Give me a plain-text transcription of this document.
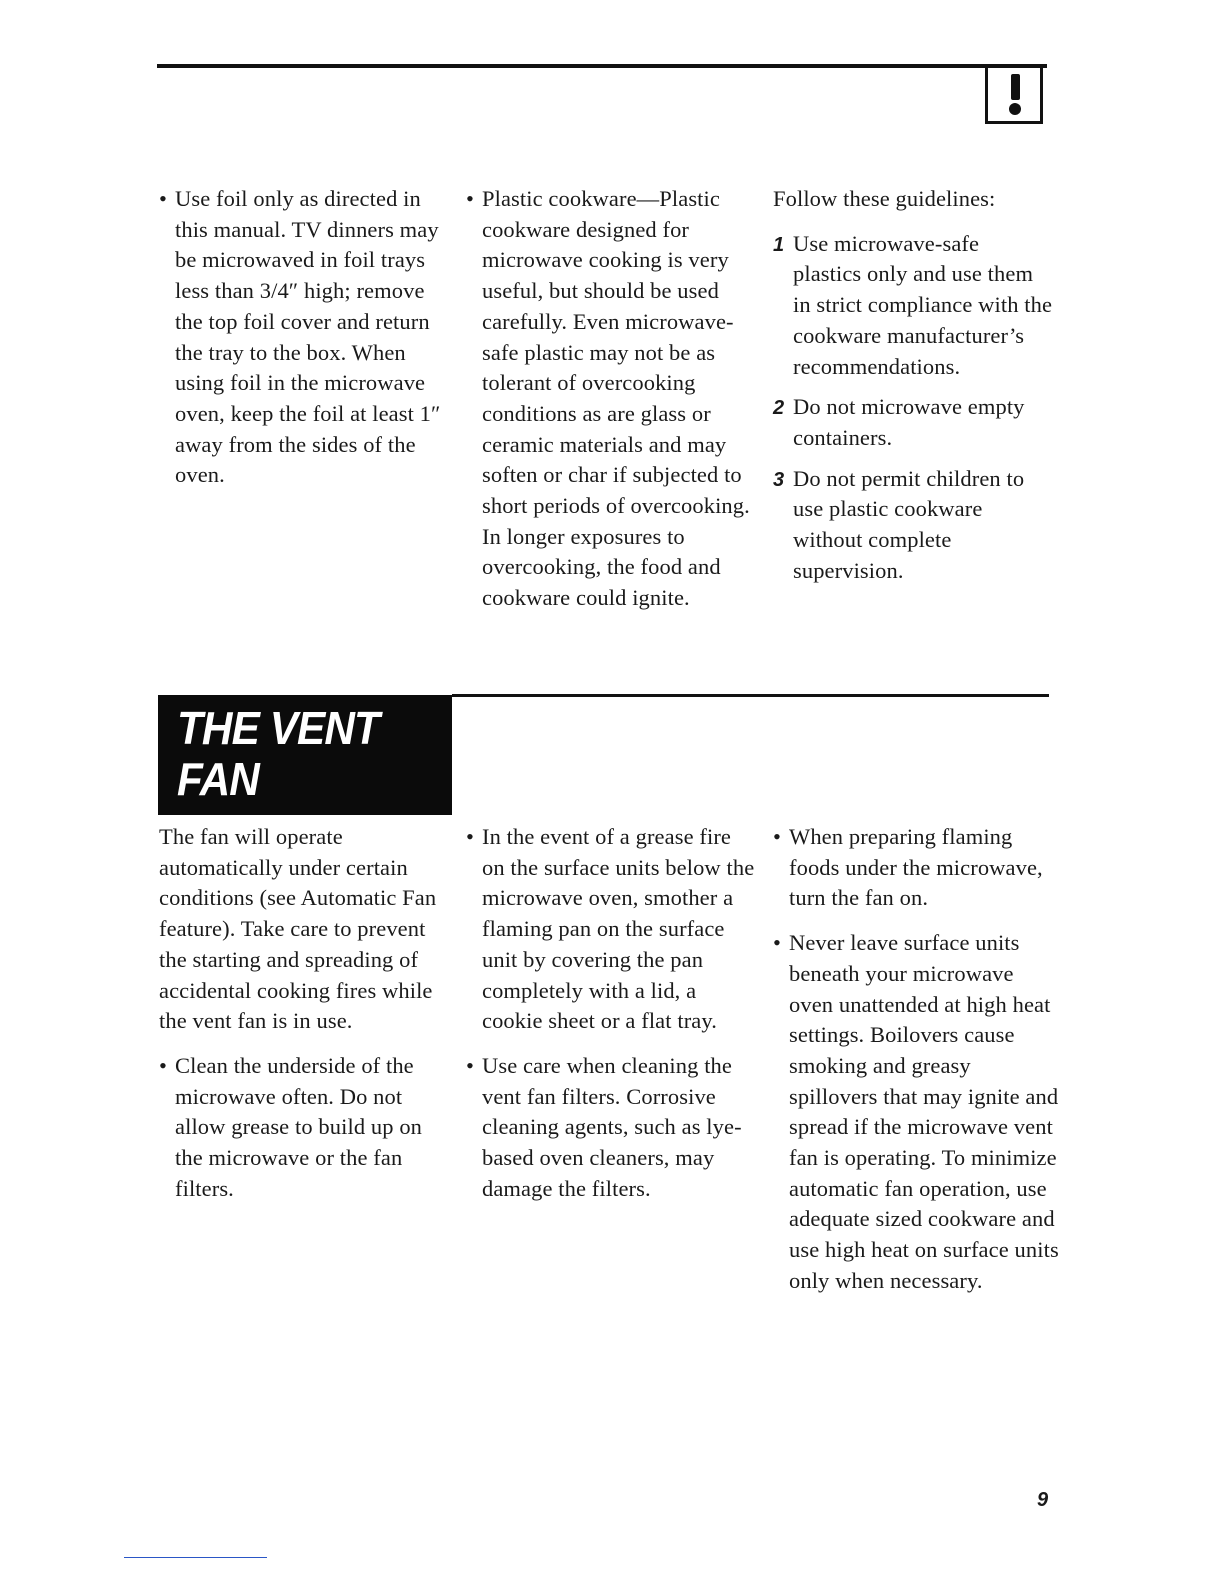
• Use foil only as directed in this manual. TV dinners may be microwaved in foil trays less than 3/4″ high; remove the top foil cover and return the tray to the box. When using foil in the microwave oven, keep the foil at least 1″ away from the sides of the oven.

• Plastic cookware—Plastic cookware designed for microwave cooking is very useful, but should be used carefully. Even microwave-safe plastic may not be as tolerant of overcooking conditions as are glass or ceramic materials and may soften or char if subjected to short periods of overcooking. In longer exposures to overcooking, the food and cookware could ignite.

Follow these guidelines:

1 Use microwave-safe plastics only and use them in strict compliance with the cookware manufacturer’s recommendations.
2 Do not microwave empty containers.
3 Do not permit children to use plastic cookware without complete supervision.
THE VENT
FAN

The fan will operate automatically under certain conditions (see Automatic Fan feature). Take care to prevent the starting and spreading of accidental cooking fires while the vent fan is in use.

• Clean the underside of the microwave often. Do not allow grease to build up on the microwave or the fan filters.

• In the event of a grease fire on the surface units below the microwave oven, smother a flaming pan on the surface unit by covering the pan completely with a lid, a cookie sheet or a flat tray.

• Use care when cleaning the vent fan filters. Corrosive cleaning agents, such as lye-based oven cleaners, may damage the filters.

• When preparing flaming foods under the microwave, turn the fan on.

• Never leave surface units beneath your microwave oven unattended at high heat settings. Boilovers cause smoking and greasy spillovers that may ignite and spread if the microwave vent fan is operating. To minimize automatic fan operation, use adequate sized cookware and use high heat on surface units only when necessary.

9
